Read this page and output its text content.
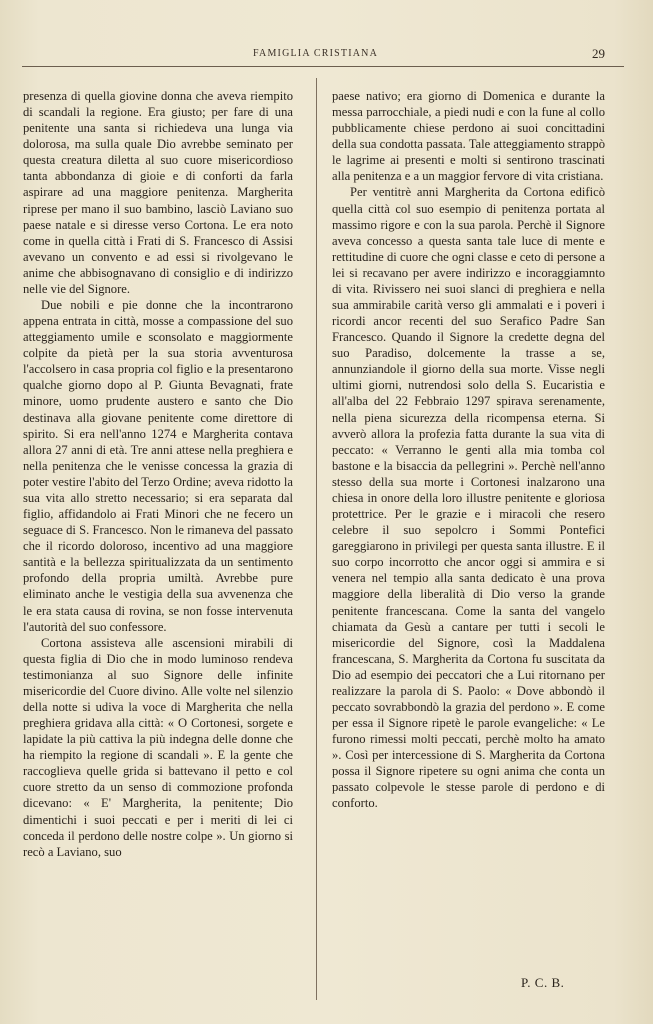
FAMIGLIA CRISTIANA	29

presenza di quella giovine donna che aveva riempito di scandali la regione. Era giusto; per fare di una penitente una santa si richiedeva una lunga via dolorosa, ma sulla quale Dio avrebbe seminato per questa creatura diletta al suo cuore misericordioso tanta abbondanza di gioie e di conforti da farla aspirare ad una maggiore penitenza. Margherita riprese per mano il suo bambino, lasciò Laviano suo paese natale e si diresse verso Cortona. Le era noto come in quella città i Frati di S. Francesco di Assisi avevano un convento e ad essi si rivolgevano le anime che abbisognavano di consiglio e di indirizzo nelle vie del Signore.

Due nobili e pie donne che la incontrarono appena entrata in città, mosse a compassione del suo atteggiamento umile e sconsolato e maggiormente colpite da pietà per la sua storia avventurosa l'accolsero in casa propria col figlio e la presentarono qualche giorno dopo al P. Giunta Bevagnati, frate minore, uomo prudente austero e santo che Dio destinava alla giovane penitente come direttore di spirito. Si era nell'anno 1274 e Margherita contava allora 27 anni di età. Tre anni attese nella preghiera e nella penitenza che le venisse concessa la grazia di poter vestire l'abito del Terzo Ordine; aveva ridotto la sua vita allo stretto necessario; si era separata dal figlio, affidandolo ai Frati Minori che ne fecero un seguace di S. Francesco. Non le rimaneva del passato che il ricordo doloroso, incentivo ad una maggiore santità e la bellezza spiritualizzata da un sentimento profondo della propria umiltà. Avrebbe pure eliminato anche le vestigia della sua avvenenza che le era stata causa di rovina, se non fosse intervenuta l'autorità del suo confessore.

Cortona assisteva alle ascensioni mirabili di questa figlia di Dio che in modo luminoso rendeva testimonianza al suo Signore delle infinite misericordie del Cuore divino. Alle volte nel silenzio della notte si udiva la voce di Margherita che nella preghiera gridava alla città: « O Cortonesi, sorgete e lapidate la più cattiva la più indegna delle donne che ha riempito la regione di scandali ». E la gente che raccoglieva quelle grida si battevano il petto e col cuore stretto da un senso di commozione profonda dicevano: « E' Margherita, la penitente; Dio dimentichi i suoi peccati e per i meriti di lei ci conceda il perdono delle nostre colpe ». Un giorno si recò a Laviano, suo

paese nativo; era giorno di Domenica e durante la messa parrocchiale, a piedi nudi e con la fune al collo pubblicamente chiese perdono ai suoi concittadini della sua condotta passata. Tale atteggiamento strappò le lagrime ai presenti e molti si sentirono trascinati alla penitenza e a un maggior fervore di vita cristiana.

Per ventitrè anni Margherita da Cortona edificò quella città col suo esempio di penitenza portata al massimo rigore e con la sua parola. Perchè il Signore aveva concesso a questa santa tale luce di mente e rettitudine di cuore che ogni classe e ceto di persone a lei si recavano per avere indirizzo e incoraggiamnto di vita. Rivissero nei suoi slanci di preghiera e nella sua ammirabile carità verso gli ammalati e i poveri i ricordi ancor recenti del suo Serafico Padre San Francesco. Quando il Signore la credette degna del suo Paradiso, dolcemente la trasse a se, annunziandole il giorno della sua morte. Visse negli ultimi giorni, nutrendosi solo della S. Eucaristia e all'alba del 22 Febbraio 1297 spirava serenamente, nella piena sicurezza della ricompensa eterna. Si avverò allora la profezia fatta durante la sua vita di peccato: « Verranno le genti alla mia tomba col bastone e la bisaccia da pellegrini ». Perchè nell'anno stesso della sua morte i Cortonesi inalzarono una chiesa in onore della loro illustre penitente e gloriosa protettrice. Per le grazie e i miracoli che resero celebre il suo sepolcro i Sommi Pontefici gareggiarono in privilegi per questa santa illustre. E il suo corpo incorrotto che ancor oggi si ammira e si venera nel tempio alla santa dedicato è una prova maggiore della liberalità di Dio verso la grande penitente francescana. Come la santa del vangelo chiamata da Gesù a cantare per tutti i secoli le misericordie del Signore, così la Maddalena francescana, S. Margherita da Cortona fu suscitata da Dio ad esempio dei peccatori che a Lui ritornano per realizzare la parola di S. Paolo: « Dove abbondò il peccato sovrabbondò la grazia del perdono ». E come per essa il Signore ripetè le parole evangeliche: « Le furono rimessi molti peccati, perchè molto ha amato ». Così per intercessione di S. Margherita da Cortona possa il Signore ripetere su ogni anima che conta un passato colpevole le stesse parole di perdono e di conforto.

P. C. B.
